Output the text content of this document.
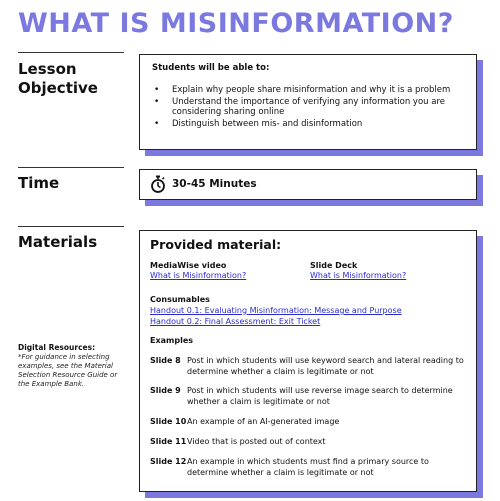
WHAT IS MISINFORMATION?
Lesson Objective
Students will be able to:
• Explain why people share misinformation and why it is a problem
• Understand the importance of verifying any information you are considering sharing online
• Distinguish between mis- and disinformation
Time	30-45 Minutes
Materials	Provided material:
MediaWise video
What is Misinformation?
Slide Deck
What is Misinformation?
Consumables
Handout 0.1: Evaluating Misinformation: Message and Purpose
Handout 0.2: Final Assessment: Exit Ticket
Examples
Slide 8 Post in which students will use keyword search and lateral reading to determine whether a claim is legitimate or not
Slide 9 Post in which students will use reverse image search to determine whether a claim is legitimate or not
Slide 10 An example of an AI-generated image
Slide 11 Video that is posted out of context
Slide 12 An example in which students must find a primary source to determine whether a claim is legitimate or not
Digital Resources:
*For guidance in selecting examples, see the Material Selection Resource Guide or the Example Bank.
